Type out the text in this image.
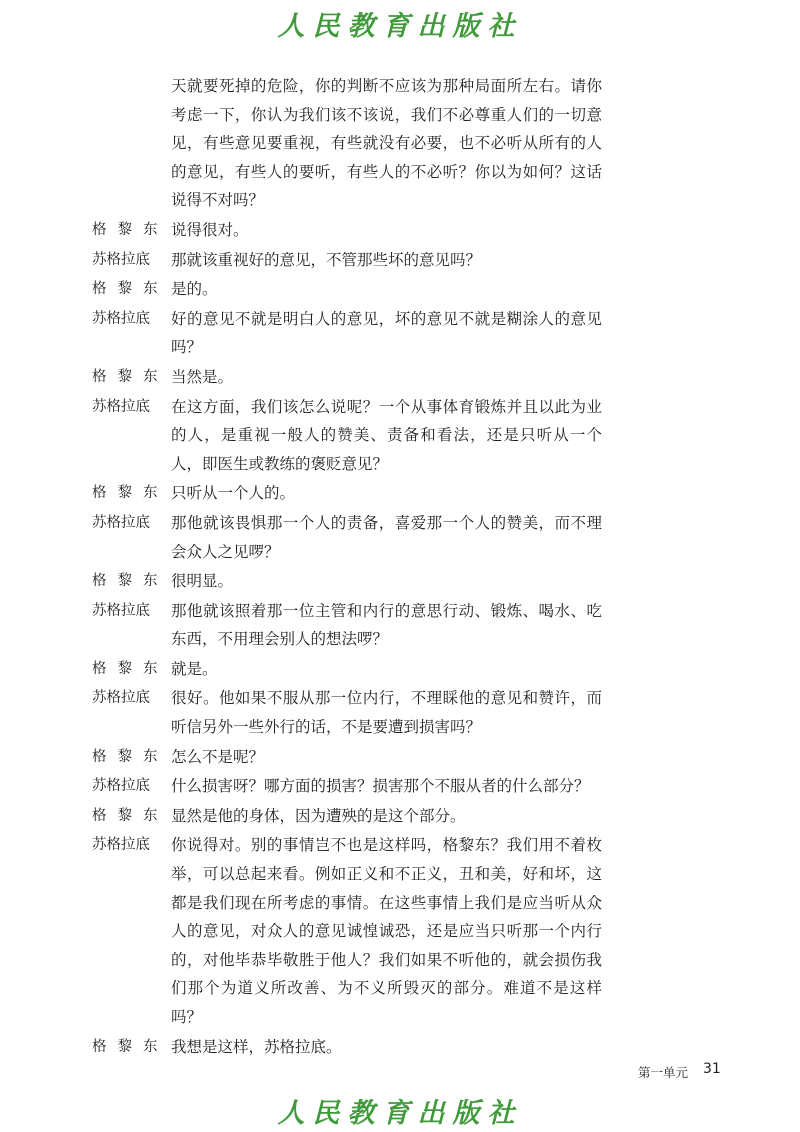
人民教育出版社
天就要死掉的危险，你的判断不应该为那种局面所左右。请你考虑一下，你认为我们该不该说，我们不必尊重人们的一切意见，有些意见要重视，有些就没有必要，也不必听从所有的人的意见，有些人的要听，有些人的不必听？你以为如何？这话说得不对吗？
格黎东 说得很对。
苏格拉底	那就该重视好的意见，不管那些坏的意见吗？
格黎东 是的。
苏格拉底	好的意见不就是明白人的意见，坏的意见不就是糊涂人的意见吗？
格黎东 当然是。
苏格拉底	在这方面，我们该怎么说呢？一个从事体育锻炼并且以此为业的人，是重视一般人的赞美、责备和看法，还是只听从一个人，即医生或教练的褒贬意见？
格黎东 只听从一个人的。
苏格拉底	那他就该畏惧那一个人的责备，喜爱那一个人的赞美，而不理会众人之见啰？
格黎东 很明显。
苏格拉底	那他就该照着那一位主管和内行的意思行动、锻炼、喝水、吃东西，不用理会别人的想法啰？
格黎东 就是。
苏格拉底	很好。他如果不服从那一位内行，不理睬他的意见和赞许，而听信另外一些外行的话，不是要遭到损害吗？
格黎东 怎么不是呢？
苏格拉底	什么损害呀？哪方面的损害？损害那个不服从者的什么部分？
格黎东 显然是他的身体，因为遭殃的是这个部分。
苏格拉底	你说得对。别的事情岂不也是这样吗，格黎东？我们用不着枚举，可以总起来看。例如正义和不正义，丑和美，好和坏，这都是我们现在所考虑的事情。在这些事情上我们是应当听从众人的意见，对众人的意见诚惶诚恐，还是应当只听那一个内行的，对他毕恭毕敬胜于他人？我们如果不听他的，就会损伤我们那个为道义所改善、为不义所毁灭的部分。难道不是这样吗？
格黎东 我想是这样，苏格拉底。
第一单元 31
人民教育出版社
